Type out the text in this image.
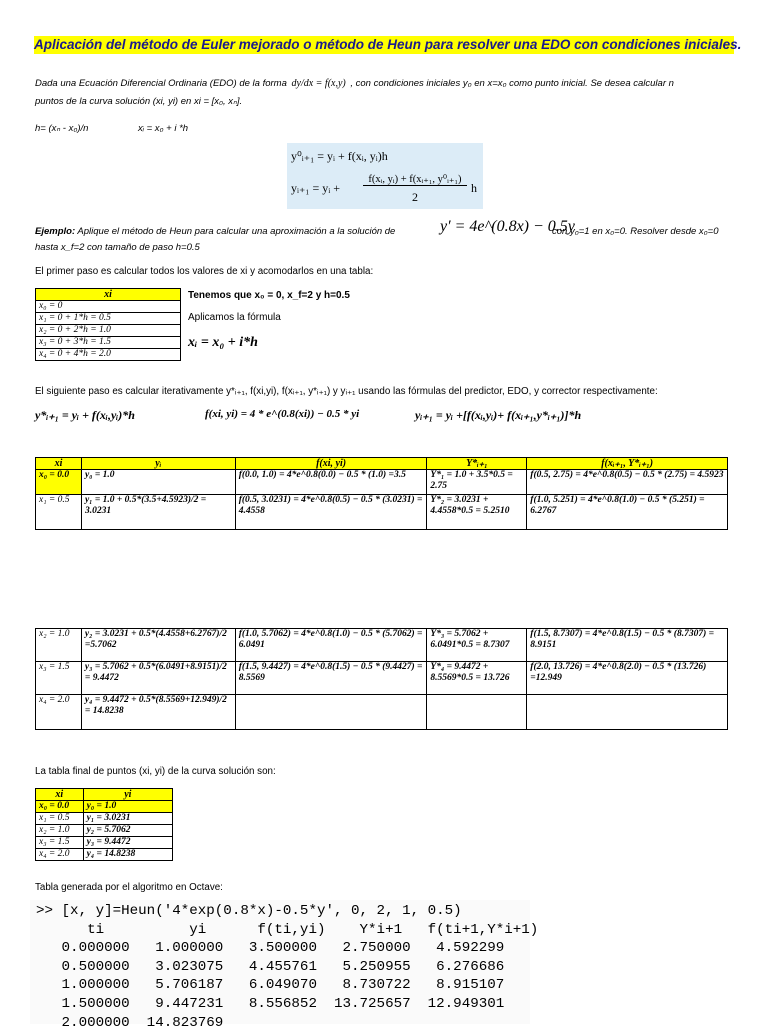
Aplicación del método de Euler mejorado o método de Heun para resolver una EDO con condiciones iniciales.
Dada una Ecuación Diferencial Ordinaria (EDO) de la forma dy/dx = f(x,y) , con condiciones iniciales y₀ en x=x₀ como punto inicial. Se desea calcular n
puntos de la curva solución (xi, yi) en xi = [x₀, xₙ].
h= (xₙ - x₀)/n	xᵢ = x₀ + i *h
y⁰ᵢ₊₁ = yᵢ + f(xᵢ, yᵢ)h
yᵢ₊₁ = yᵢ +
f(xᵢ, yᵢ) + f(xᵢ₊₁, y⁰ᵢ₊₁)
2
h
Ejemplo: Aplique el método de Heun para calcular una aproximación a la solución de	y′ = 4e^(0.8x) − 0.5y
con y₀=1 en x₀=0. Resolver desde x₀=0
hasta x_f=2 con tamaño de paso h=0.5
El primer paso es calcular todos los valores de xi y acomodarlos en una tabla:
xi
x₀ = 0
x₁ = 0 + 1*h = 0.5
x₂ = 0 + 2*h = 1.0
x₃ = 0 + 3*h = 1.5
x₄ = 0 + 4*h = 2.0
Tenemos que x₀ = 0, x_f=2 y h=0.5
Aplicamos la fórmula
xᵢ = x₀ + i*h
El siguiente paso es calcular iterativamente y*ᵢ₊₁, f(xi,yi), f(xᵢ₊₁, y*ᵢ₊₁) y yᵢ₊₁ usando las fórmulas del predictor, EDO, y corrector respectivamente:
y*ᵢ₊₁ = yᵢ + f(xᵢ,yᵢ)*h	f(xi, yi) = 4 * e^(0.8(xi)) − 0.5 * yi	yᵢ₊₁ = yᵢ +[f(xᵢ,yᵢ)+ f(xᵢ₊₁,y*ᵢ₊₁)]*h
xi	yᵢ	f(xi, yi)	Y*ᵢ₊₁	f(xᵢ₊₁, Y*ᵢ₊₁)
x₀ = 0.0	y₀ = 1.0	f(0.0, 1.0) = 4*e^0.8(0.0) − 0.5 * (1.0) =3.5	Y*₁ = 1.0 + 3.5*0.5 = 2.75	f(0.5, 2.75) = 4*e^0.8(0.5) − 0.5 * (2.75) = 4.5923
x₁ = 0.5	y₁ = 1.0 + 0.5*(3.5+4.5923)/2 = 3.0231	f(0.5, 3.0231) = 4*e^0.8(0.5) − 0.5 * (3.0231) = 4.4558	Y*₂ = 3.0231 + 4.4558*0.5 = 5.2510	f(1.0, 5.251) = 4*e^0.8(1.0) − 0.5 * (5.251) = 6.2767
x₂ = 1.0	y₂ = 3.0231 + 0.5*(4.4558+6.2767)/2 =5.7062	f(1.0, 5.7062) = 4*e^0.8(1.0) − 0.5 * (5.7062) = 6.0491	Y*₃ = 5.7062 + 6.0491*0.5 = 8.7307	f(1.5, 8.7307) = 4*e^0.8(1.5) − 0.5 * (8.7307) = 8.9151
x₃ = 1.5	y₃ = 5.7062 + 0.5*(6.0491+8.9151)/2 = 9.4472	f(1.5, 9.4427) = 4*e^0.8(1.5) − 0.5 * (9.4427) = 8.5569	Y*₄ = 9.4472 + 8.5569*0.5 = 13.726	f(2.0, 13.726) = 4*e^0.8(2.0) − 0.5 * (13.726) =12.949
x₄ = 2.0	y₄ = 9.4472 + 0.5*(8.5569+12.949)/2 = 14.8238			
La tabla final de puntos (xi, yi) de la curva solución son:
xi	yi
x₀ = 0.0	y₀ = 1.0
x₁ = 0.5	y₁ = 3.0231
x₂ = 1.0	y₂ = 5.7062
x₃ = 1.5	y₃ = 9.4472
x₄ = 2.0	y₄ = 14.8238
Tabla generada por el algoritmo en Octave:
>> [x, y]=Heun('4*exp(0.8*x)-0.5*y', 0, 2, 1, 0.5)
ti          yi      f(ti,yi)    Y*i+1   f(ti+1,Y*i+1)
0.000000   1.000000   3.500000   2.750000   4.592299
0.500000   3.023075   4.455761   5.250955   6.276686
1.000000   5.706187   6.049070   8.730722   8.915107
1.500000   9.447231   8.556852  13.725657  12.949301
2.000000  14.823769
